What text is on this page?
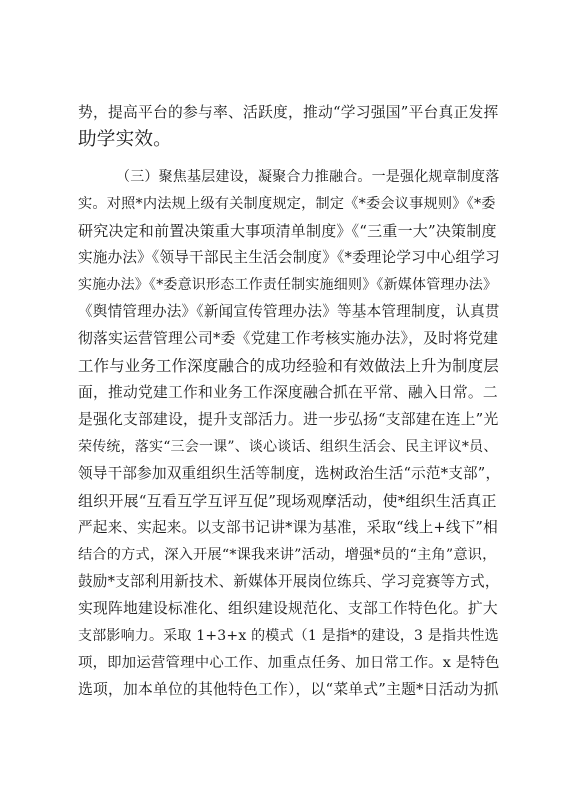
势，提高平台的参与率、活跃度，推动“学习强国”平台真正发挥
助学实效。
（三）聚焦基层建设，凝聚合力推融合。一是强化规章制度落
实。对照*内法规上级有关制度规定，制定《*委会议事规则》《*委
研究决定和前置决策重大事项清单制度》《“三重一大”决策制度
实施办法》《领导干部民主生活会制度》《*委理论学习中心组学习
实施办法》《*委意识形态工作责任制实施细则》《新媒体管理办法》
《舆情管理办法》《新闻宣传管理办法》等基本管理制度，认真贯
彻落实运营管理公司*委《党建工作考核实施办法》，及时将党建
工作与业务工作深度融合的成功经验和有效做法上升为制度层
面，推动党建工作和业务工作深度融合抓在平常、融入日常。二
是强化支部建设，提升支部活力。进一步弘扬“支部建在连上”光
荣传统，落实“三会一课”、谈心谈话、组织生活会、民主评议*员、
领导干部参加双重组织生活等制度，选树政治生活“示范*支部”，
组织开展“互看互学互评互促”现场观摩活动，使*组织生活真正
严起来、实起来。以支部书记讲*课为基准，采取“线上+线下”相
结合的方式，深入开展“*课我来讲”活动，增强*员的“主角”意识，
鼓励*支部利用新技术、新媒体开展岗位练兵、学习竞赛等方式，
实现阵地建设标准化、组织建设规范化、支部工作特色化。扩大
支部影响力。采取 1+3+x 的模式（1 是指*的建设，3 是指共性选
项，即加运营管理中心工作、加重点任务、加日常工作。x 是特色
选项，加本单位的其他特色工作），以“菜单式”主题*日活动为抓
